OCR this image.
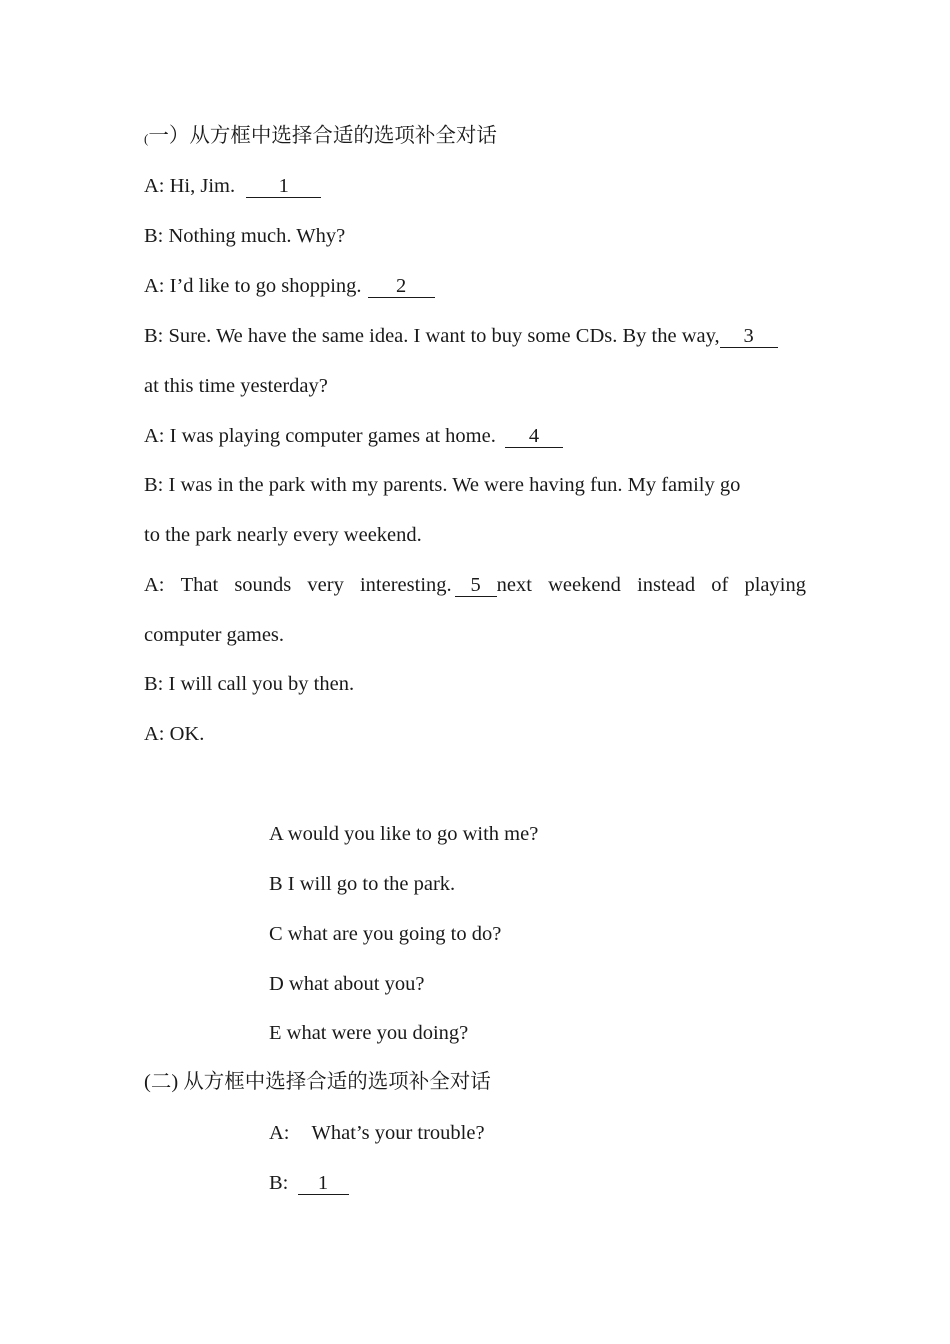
(一）从方框中选择合适的选项补全对话
A: Hi, Jim. 1
B: Nothing much. Why?
A: I’d like to go shopping. 2
B: Sure. We have the same idea. I want to buy some CDs. By the way, 3
at this time yesterday?
A: I was playing computer games at home. 4
B: I was in the park with my parents. We were having fun. My family go
to the park nearly every weekend.
A: That sounds very interesting. 5 next weekend instead of playing
computer games.
B: I will call you by then.
A: OK.
A would you like to go with me?
B I will go to the park.
C what are you going to do?
D what about you?
E what were you doing?
(二) 从方框中选择合适的选项补全对话
A: What’s your trouble?
B: 1
